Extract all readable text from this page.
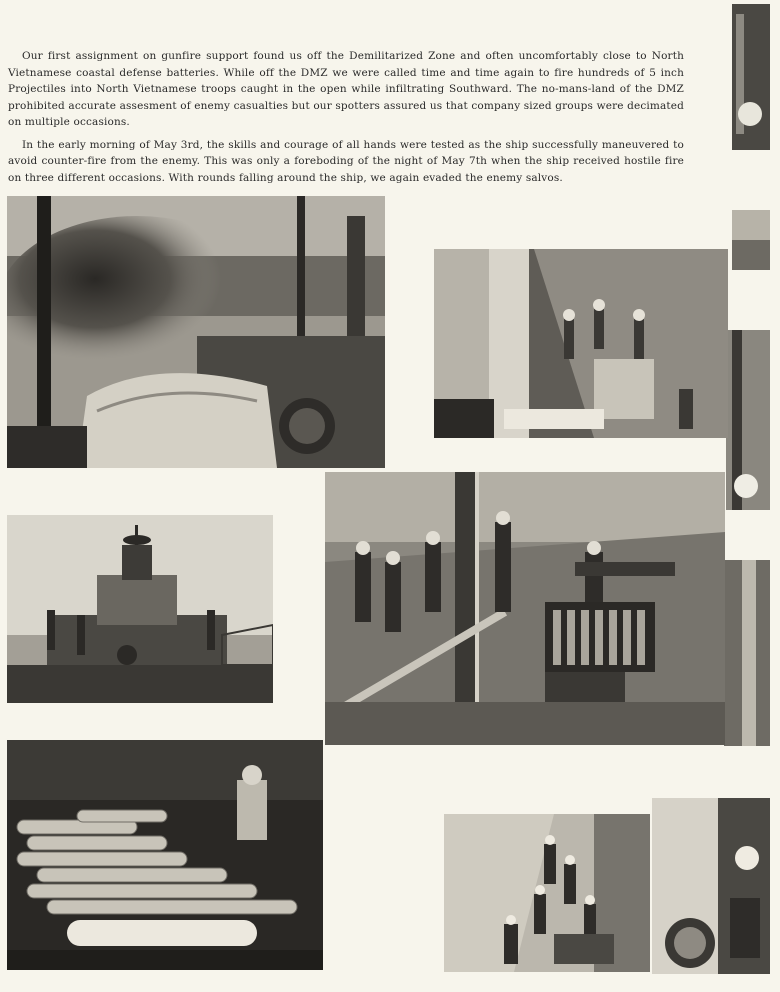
Our first assignment on gunfire support found us off the Demilitarized Zone and often uncomfortably close to North Vietnamese coastal defense batteries. While off the DMZ we were called time and time again to fire hundreds of 5 inch Projectiles into North Vietnamese troops caught in the open while infiltrating Southward. The no-mans-land of the DMZ prohibited accurate assesment of enemy casualties but our spotters assured us that company sized groups were decimated on multiple occasions.

In the early morning of May 3rd, the skills and courage of all hands were tested as the ship successfully maneuvered to avoid counter-fire from the enemy. This was only a foreboding of the night of May 7th when the ship received hostile fire on three different occasions. With rounds falling around the ship, we again evaded the enemy salvos.
